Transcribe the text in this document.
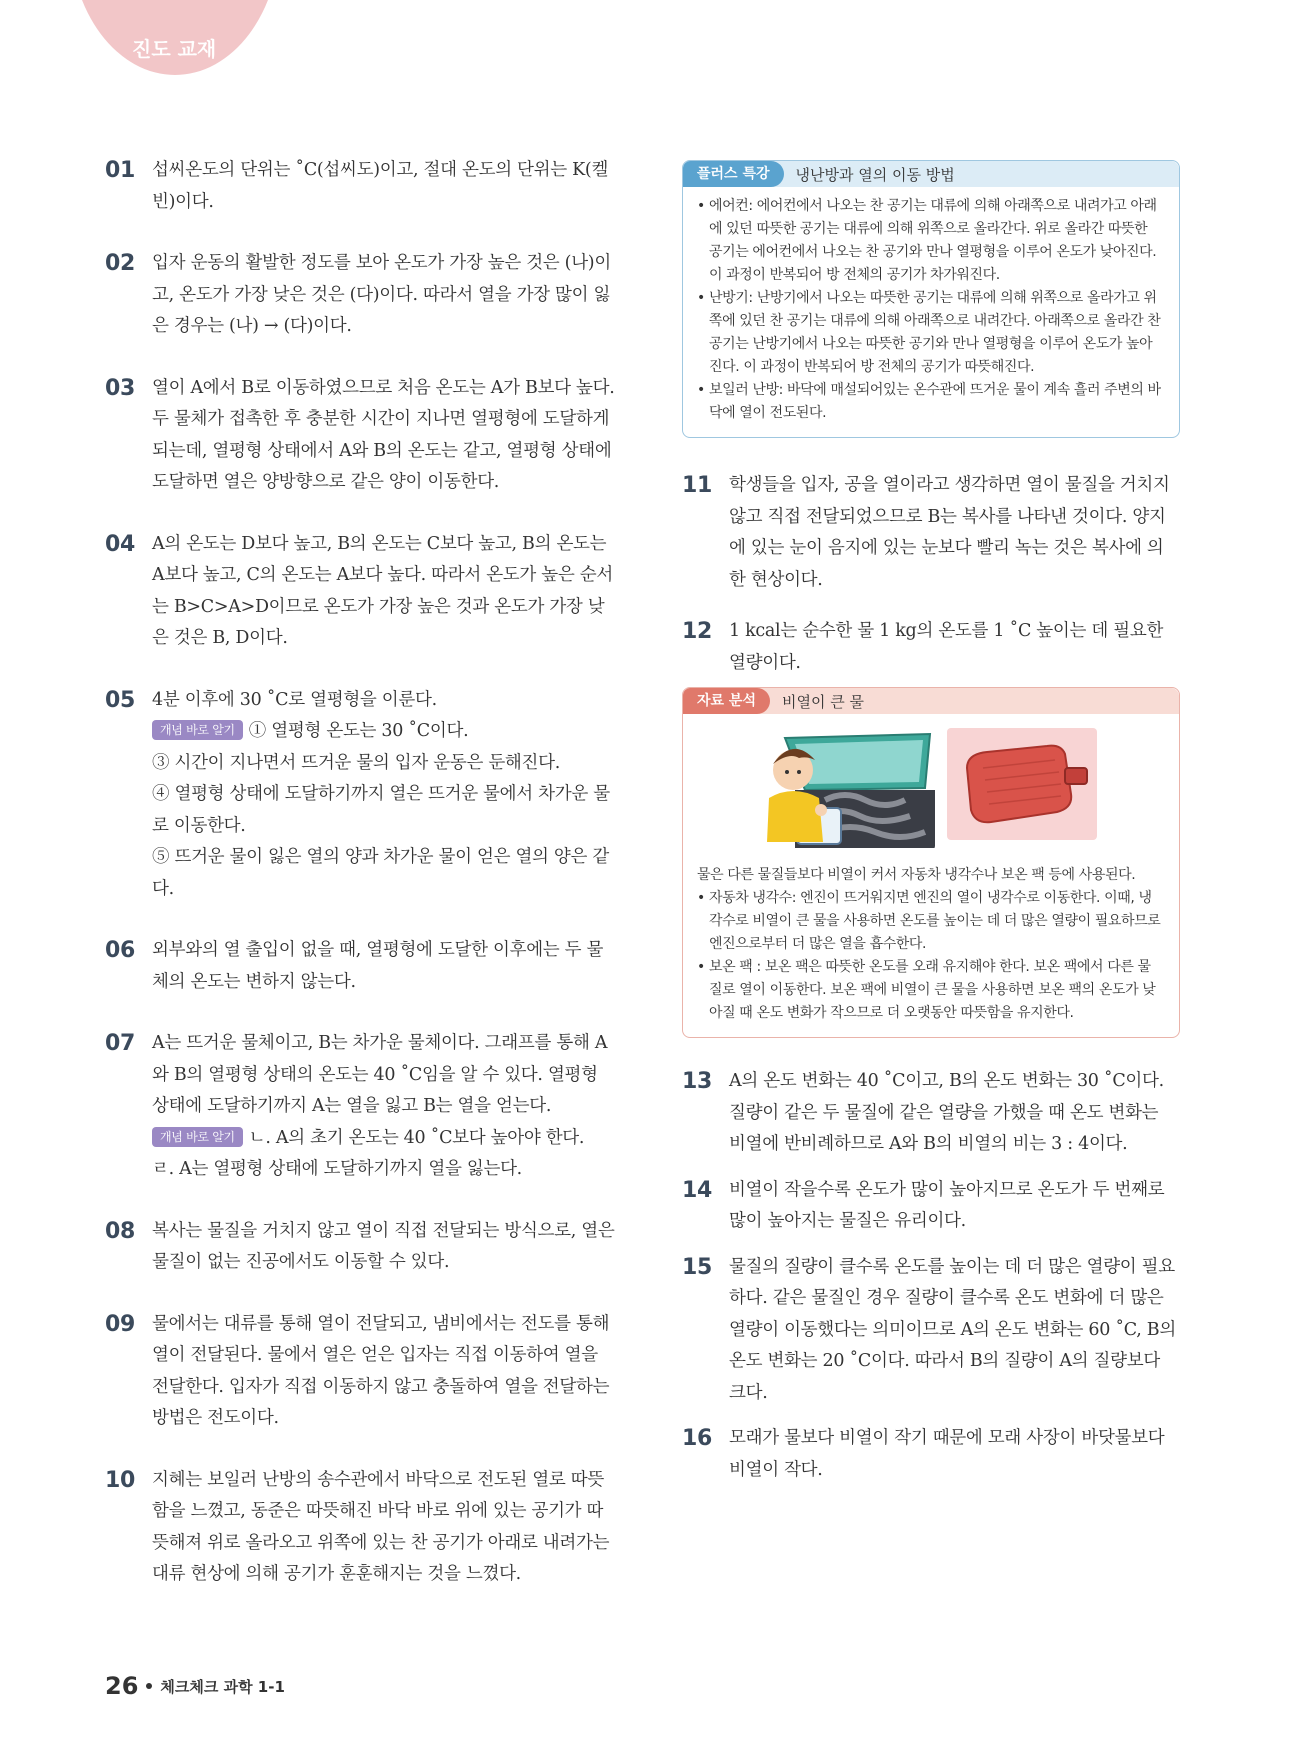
진도 교재
01 섭씨온도의 단위는 ˚C(섭씨도)이고, 절대 온도의 단위는 K(켈빈)이다.

02 입자 운동의 활발한 정도를 보아 온도가 가장 높은 것은 (나)이고, 온도가 가장 낮은 것은 (다)이다. 따라서 열을 가장 많이 잃은 경우는 (나) → (다)이다.

03 열이 A에서 B로 이동하였으므로 처음 온도는 A가 B보다 높다. 두 물체가 접촉한 후 충분한 시간이 지나면 열평형에 도달하게 되는데, 열평형 상태에서 A와 B의 온도는 같고, 열평형 상태에 도달하면 열은 양방향으로 같은 양이 이동한다.

04 A의 온도는 D보다 높고, B의 온도는 C보다 높고, B의 온도는 A보다 높고, C의 온도는 A보다 높다. 따라서 온도가 높은 순서는 B>C>A>D이므로 온도가 가장 높은 것과 온도가 가장 낮은 것은 B, D이다.

05 4분 이후에 30 ˚C로 열평형을 이룬다.

개념 바로 알기 ① 열평형 온도는 30 ˚C이다.

③ 시간이 지나면서 뜨거운 물의 입자 운동은 둔해진다.

④ 열평형 상태에 도달하기까지 열은 뜨거운 물에서 차가운 물로 이동한다.

⑤ 뜨거운 물이 잃은 열의 양과 차가운 물이 얻은 열의 양은 같다.

06 외부와의 열 출입이 없을 때, 열평형에 도달한 이후에는 두 물체의 온도는 변하지 않는다.

07 A는 뜨거운 물체이고, B는 차가운 물체이다. 그래프를 통해 A와 B의 열평형 상태의 온도는 40 ˚C임을 알 수 있다. 열평형 상태에 도달하기까지 A는 열을 잃고 B는 열을 얻는다.

개념 바로 알기 ㄴ. A의 초기 온도는 40 ˚C보다 높아야 한다.

ㄹ. A는 열평형 상태에 도달하기까지 열을 잃는다.

08 복사는 물질을 거치지 않고 열이 직접 전달되는 방식으로, 열은 물질이 없는 진공에서도 이동할 수 있다.

09 물에서는 대류를 통해 열이 전달되고, 냄비에서는 전도를 통해 열이 전달된다. 물에서 열은 얻은 입자는 직접 이동하여 열을 전달한다. 입자가 직접 이동하지 않고 충돌하여 열을 전달하는 방법은 전도이다.

10 지혜는 보일러 난방의 송수관에서 바닥으로 전도된 열로 따뜻함을 느꼈고, 동준은 따뜻해진 바닥 바로 위에 있는 공기가 따뜻해져 위로 올라오고 위쪽에 있는 찬 공기가 아래로 내려가는 대류 현상에 의해 공기가 훈훈해지는 것을 느꼈다.

플러스 특강	냉난방과 열의 이동 방법

• 에어컨: 에어컨에서 나오는 찬 공기는 대류에 의해 아래쪽으로 내려가고 아래에 있던 따뜻한 공기는 대류에 의해 위쪽으로 올라간다. 위로 올라간 따뜻한 공기는 에어컨에서 나오는 찬 공기와 만나 열평형을 이루어 온도가 낮아진다. 이 과정이 반복되어 방 전체의 공기가 차가워진다.

• 난방기: 난방기에서 나오는 따뜻한 공기는 대류에 의해 위쪽으로 올라가고 위쪽에 있던 찬 공기는 대류에 의해 아래쪽으로 내려간다. 아래쪽으로 올라간 찬 공기는 난방기에서 나오는 따뜻한 공기와 만나 열평형을 이루어 온도가 높아진다. 이 과정이 반복되어 방 전체의 공기가 따뜻해진다.

• 보일러 난방: 바닥에 매설되어있는 온수관에 뜨거운 물이 계속 흘러 주변의 바닥에 열이 전도된다.

11 학생들을 입자, 공을 열이라고 생각하면 열이 물질을 거치지 않고 직접 전달되었으므로 B는 복사를 나타낸 것이다. 양지에 있는 눈이 음지에 있는 눈보다 빨리 녹는 것은 복사에 의한 현상이다.

12 1 kcal는 순수한 물 1 kg의 온도를 1 ˚C 높이는 데 필요한 열량이다.

자료 분석	비열이 큰 물

물은 다른 물질들보다 비열이 커서 자동차 냉각수나 보온 팩 등에 사용된다.

• 자동차 냉각수: 엔진이 뜨거워지면 엔진의 열이 냉각수로 이동한다. 이때, 냉각수로 비열이 큰 물을 사용하면 온도를 높이는 데 더 많은 열량이 필요하므로 엔진으로부터 더 많은 열을 흡수한다.

• 보온 팩 : 보온 팩은 따뜻한 온도를 오래 유지해야 한다. 보온 팩에서 다른 물질로 열이 이동한다. 보온 팩에 비열이 큰 물을 사용하면 보온 팩의 온도가 낮아질 때 온도 변화가 작으므로 더 오랫동안 따뜻함을 유지한다.

13 A의 온도 변화는 40 ˚C이고, B의 온도 변화는 30 ˚C이다. 질량이 같은 두 물질에 같은 열량을 가했을 때 온도 변화는 비열에 반비례하므로 A와 B의 비열의 비는 3 : 4이다.

14 비열이 작을수록 온도가 많이 높아지므로 온도가 두 번째로 많이 높아지는 물질은 유리이다.

15 물질의 질량이 클수록 온도를 높이는 데 더 많은 열량이 필요하다. 같은 물질인 경우 질량이 클수록 온도 변화에 더 많은 열량이 이동했다는 의미이므로 A의 온도 변화는 60 ˚C, B의 온도 변화는 20 ˚C이다. 따라서 B의 질량이 A의 질량보다 크다.

16 모래가 물보다 비열이 작기 때문에 모래 사장이 바닷물보다 비열이 작다.

26 체크체크 과학 1-1
